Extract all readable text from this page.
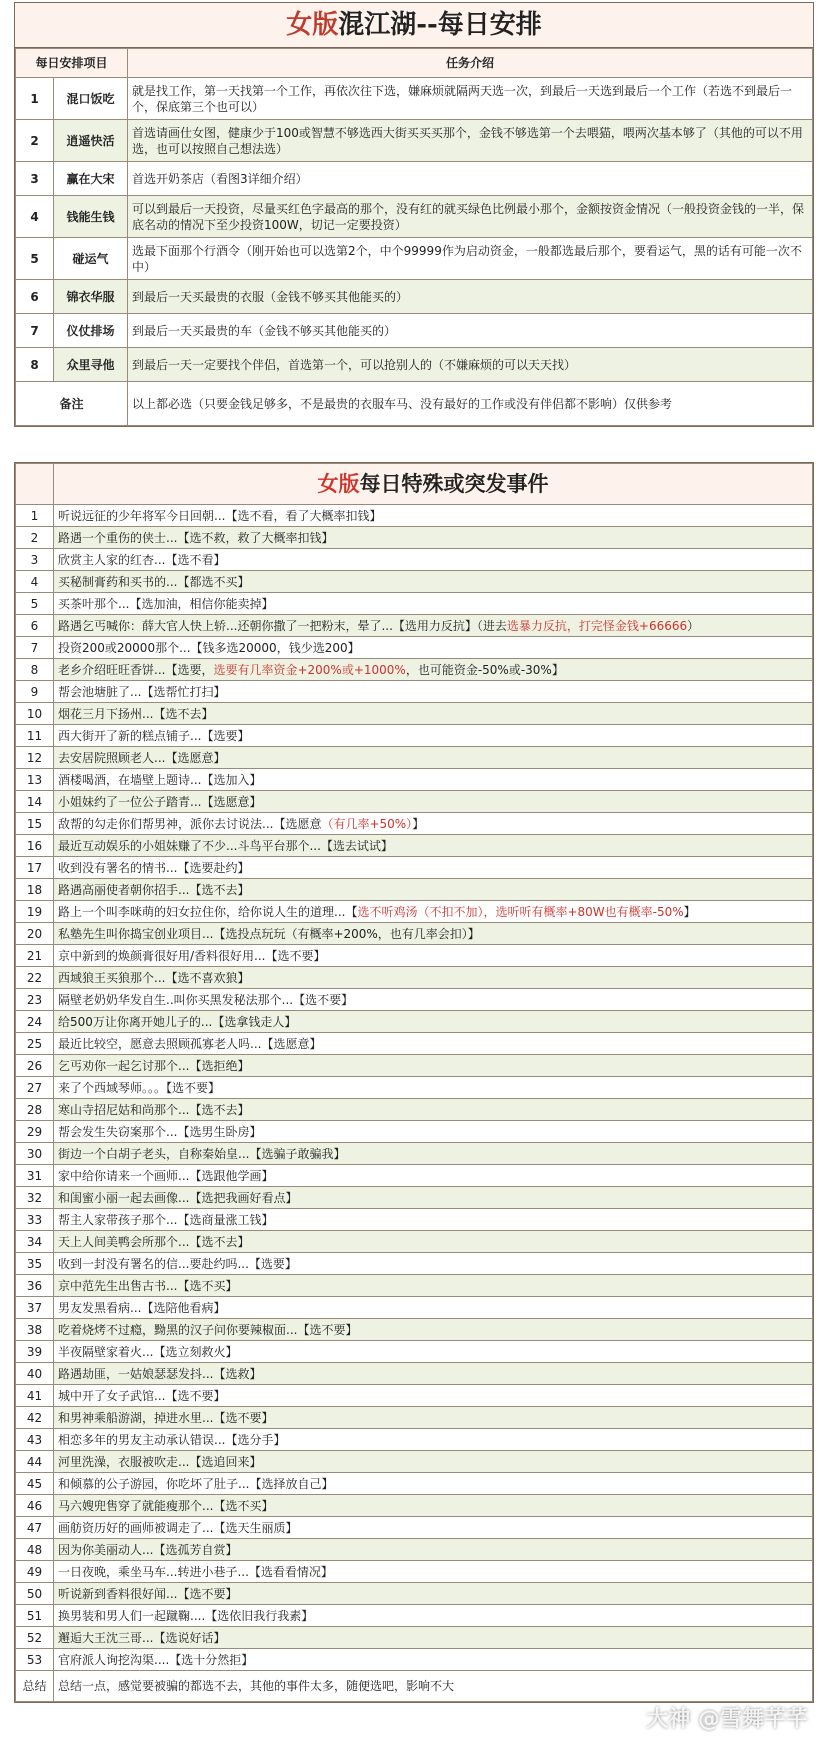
女版混江湖--每日安排
每日安排项目		任务介绍
1	混口饭吃	就是找工作，第一天找第一个工作，再依次往下选，嫌麻烦就隔两天选一次，到最后一天选到最后一个工作（若选不到最后一个，保底第三个也可以）
2	逍遥快活	首选请画仕女图，健康少于100或智慧不够选西大街买买买那个，金钱不够选第一个去喂猫，喂两次基本够了（其他的可以不用选，也可以按照自己想法选）
3	赢在大宋	首选开奶茶店（看图3详细介绍）
4	钱能生钱	可以到最后一天投资，尽量买红色字最高的那个，没有红的就买绿色比例最小那个，金额按资金情况（一般投资金钱的一半，保底名动的情况下至少投资100W，切记一定要投资）
5	碰运气	选最下面那个行酒令（刚开始也可以选第2个，中个99999作为启动资金，一般都选最后那个，要看运气，黑的话有可能一次不中）
6	锦衣华服	到最后一天买最贵的衣服（金钱不够买其他能买的）
7	仪仗排场	到最后一天买最贵的车（金钱不够买其他能买的）
8	众里寻他	到最后一天一定要找个伴侣，首选第一个，可以抢别人的（不嫌麻烦的可以天天找）
备注		以上都必选（只要金钱足够多，不是最贵的衣服车马、没有最好的工作或没有伴侣都不影响）仅供参考
	女版每日特殊或突发事件
1	听说远征的少年将军今日回朝...【选不看，看了大概率扣钱】
2	路遇一个重伤的侠士...【选不救，救了大概率扣钱】
3	欣赏主人家的红杏...【选不看】
4	买秘制膏药和买书的...【都选不买】
5	买茶叶那个...【选加油，相信你能卖掉】
6	路遇乞丐喊你：薛大官人快上轿...还朝你撒了一把粉末，晕了...【选用力反抗】（进去选暴力反抗，打完怪金钱+66666）
7	投资200或20000那个...【钱多选20000，钱少选200】
8	老乡介绍旺旺香饼...【选要，选要有几率资金+200%或+1000%，也可能资金-50%或-30%】
9	帮会池塘脏了...【选帮忙打扫】
10	烟花三月下扬州...【选不去】
11	西大街开了新的糕点铺子...【选要】
12	去安居院照顾老人...【选愿意】
13	酒楼喝酒，在墙壁上题诗...【选加入】
14	小姐妹约了一位公子踏青...【选愿意】
15	敌帮的勾走你们帮男神，派你去讨说法...【选愿意（有几率+50%）】
16	最近互动娱乐的小姐妹赚了不少...斗鸟平台那个...【选去试试】
17	收到没有署名的情书...【选要赴约】
18	路遇高丽使者朝你招手...【选不去】
19	路上一个叫李咪萌的妇女拉住你，给你说人生的道理...【选不听鸡汤（不扣不加），选听听有概率+80W也有概率-50%】
20	私塾先生叫你捣宝创业项目...【选投点玩玩（有概率+200%，也有几率会扣）】
21	京中新到的焕颜膏很好用/香料很好用...【选不要】
22	西域狼王买狼那个...【选不喜欢狼】
23	隔壁老奶奶华发自生..叫你买黑发秘法那个...【选不要】
24	给500万让你离开她儿子的...【选拿钱走人】
25	最近比较空，愿意去照顾孤寡老人吗...【选愿意】
26	乞丐劝你一起乞讨那个...【选拒绝】
27	来了个西域琴师。。。【选不要】
28	寒山寺招尼姑和尚那个...【选不去】
29	帮会发生失窃案那个...【选男生卧房】
30	街边一个白胡子老头，自称秦始皇...【选骗子敢骗我】
31	家中给你请来一个画师...【选跟他学画】
32	和闺蜜小丽一起去画像...【选把我画好看点】
33	帮主人家带孩子那个...【选商量涨工钱】
34	天上人间美鸭会所那个...【选不去】
35	收到一封没有署名的信...要赴约吗...【选要】
36	京中范先生出售古书...【选不买】
37	男友发黑看病...【选陪他看病】
38	吃着烧烤不过瘾，黝黑的汉子问你要辣椒面...【选不要】
39	半夜隔壁家着火...【选立刻救火】
40	路遇劫匪，一姑娘瑟瑟发抖...【选救】
41	城中开了女子武馆...【选不要】
42	和男神乘船游湖，掉进水里...【选不要】
43	相恋多年的男友主动承认错误...【选分手】
44	河里洗澡，衣服被吹走...【选追回来】
45	和倾慕的公子游园，你吃坏了肚子...【选择放自己】
46	马六嫂兜售穿了就能瘦那个...【选不买】
47	画舫资历好的画师被调走了...【选天生丽质】
48	因为你美丽动人...【选孤芳自赏】
49	一日夜晚，乘坐马车...转进小巷子...【选看看情况】
50	听说新到香料很好闻...【选不要】
51	换男装和男人们一起蹴鞠....【选依旧我行我素】
52	邂逅大王沈三哥...【选说好话】
53	官府派人询挖沟渠....【选十分然拒】
总结	总结一点，感觉要被骗的都选不去，其他的事件太多，随便选吧，影响不大
大神 @雪舞芊芊
